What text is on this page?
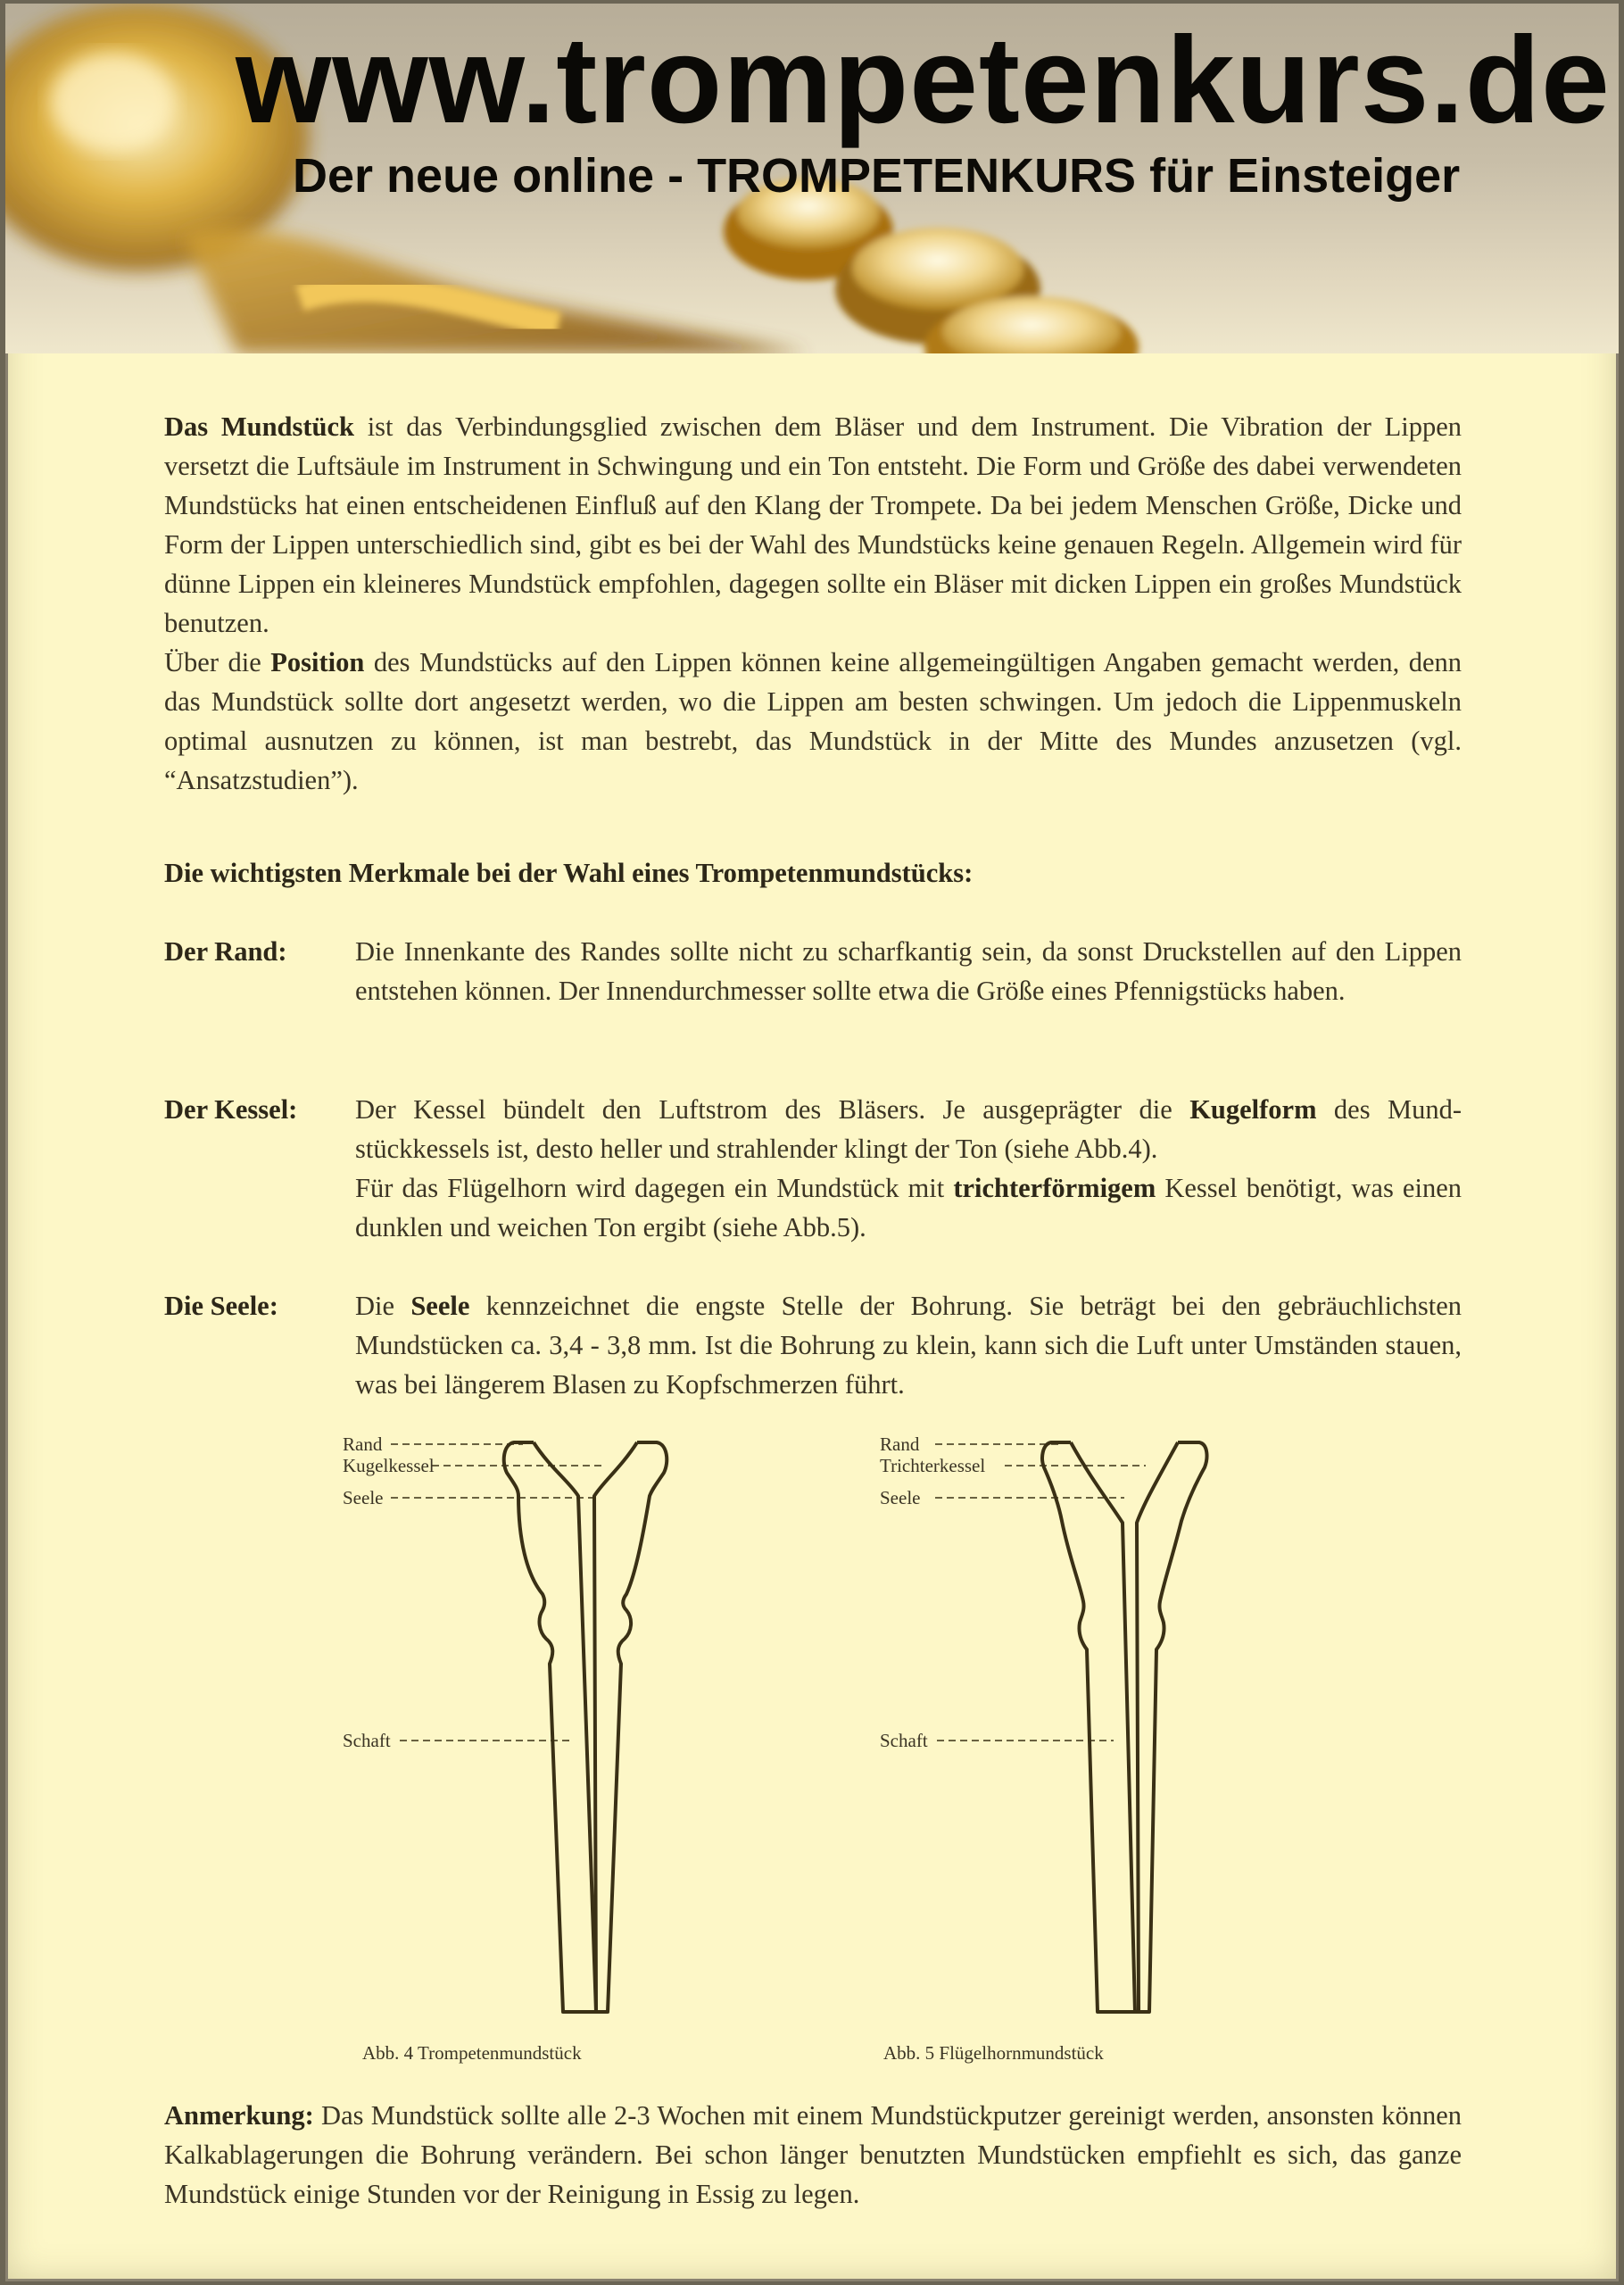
www.trompetenkurs.de
Der neue online - TROMPETENKURS für Einsteiger

Das Mundstück ist das Verbindungsglied zwischen dem Bläser und dem Instrument. Die Vibration der Lippen versetzt die Luftsäule im Instrument in Schwingung und ein Ton entsteht. Die Form und Größe des dabei verwendeten Mundstücks hat einen entscheidenen Einfluß auf den Klang der Trompete. Da bei jedem Menschen Größe, Dicke und Form der Lippen unterschiedlich sind, gibt es bei der Wahl des Mundstücks keine genauen Regeln. Allgemein wird für dünne Lippen ein kleineres Mundstück empfohlen, dagegen sollte ein Bläser mit dicken Lippen ein großes Mundstück benutzen.

Über die Position des Mundstücks auf den Lippen können keine allgemeingültigen Angaben gemacht werden, denn das Mundstück sollte dort angesetzt werden, wo die Lippen am besten schwingen. Um jedoch die Lippenmuskeln optimal ausnutzen zu können, ist man bestrebt, das Mundstück in der Mitte des Mundes anzusetzen (vgl. “Ansatzstudien”).

Die wichtigsten Merkmale bei der Wahl eines Trompetenmundstücks:
Der Rand:	Die Innenkante des Randes sollte nicht zu scharfkantig sein, da sonst Druckstellen auf den Lippen entstehen können. Der Innendurchmesser sollte etwa die Größe eines Pfennigstücks haben.
Der Kessel: Der Kessel bündelt den Luftstrom des Bläsers. Je ausgeprägter die Kugelform des Mund-stückkessels ist, desto heller und strahlender klingt der Ton (siehe Abb.4).
Für das Flügelhorn wird dagegen ein Mundstück mit trichterförmigem Kessel benötigt, was einen dunklen und weichen Ton ergibt (siehe Abb.5).
Die Seele:	Die Seele kennzeichnet die engste Stelle der Bohrung. Sie beträgt bei den gebräuchlichsten Mundstücken ca. 3,4 - 3,8 mm. Ist die Bohrung zu klein, kann sich die Luft unter Umständen stauen, was bei längerem Blasen zu Kopfschmerzen führt.
Rand
Kugelkessel
Seele
Schaft
Abb. 4 Trompetenmundstück
Rand
Trichterkessel
Seele
Schaft
Abb. 5 Flügelhornmundstück
Anmerkung: Das Mundstück sollte alle 2-3 Wochen mit einem Mundstückputzer gereinigt werden, ansonsten können Kalkablagerungen die Bohrung verändern. Bei schon länger benutzten Mundstücken empfiehlt es sich, das ganze Mundstück einige Stunden vor der Reinigung in Essig zu legen.
